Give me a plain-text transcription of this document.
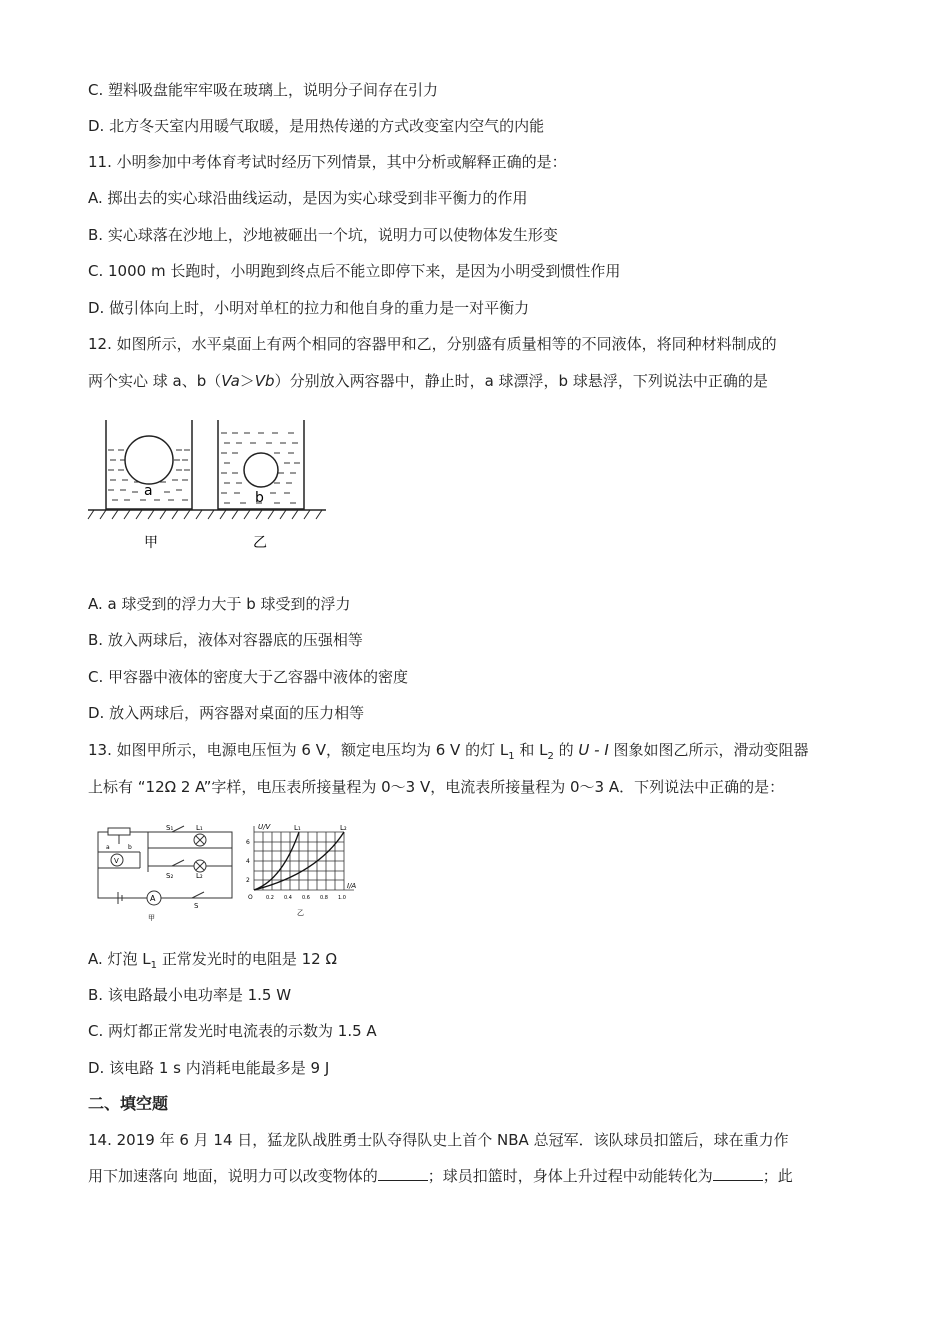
C. 塑料吸盘能牢牢吸在玻璃上，说明分子间存在引力
D. 北方冬天室内用暖气取暖，是用热传递的方式改变室内空气的内能
11. 小明参加中考体育考试时经历下列情景，其中分析或解释正确的是：
A. 掷出去的实心球沿曲线运动，是因为实心球受到非平衡力的作用
B. 实心球落在沙地上，沙地被砸出一个坑，说明力可以使物体发生形变
C. 1000 m 长跑时，小明跑到终点后不能立即停下来，是因为小明受到惯性作用
D. 做引体向上时，小明对单杠的拉力和他自身的重力是一对平衡力
12. 如图所示，水平桌面上有两个相同的容器甲和乙，分别盛有质量相等的不同液体，将同种材料制成的
两个实心 球 a、b（Va＞Vb）分别放入两容器中，静止时，a 球漂浮，b 球悬浮，下列说法中正确的是
a	b
甲	乙
A. a 球受到的浮力大于 b 球受到的浮力
B. 放入两球后，液体对容器底的压强相等
C. 甲容器中液体的密度大于乙容器中液体的密度
D. 放入两球后，两容器对桌面的压力相等
13. 如图甲所示，电源电压恒为 6 V，额定电压均为 6 V 的灯 $L_1$ 和 $L_2$ 的 U - I 图象如图乙所示，滑动变阻器
上标有 “12Ω 2 A”字样，电压表所接量程为 0～3 V，电流表所接量程为 0～3 A．下列说法中正确的是：
S₁	L₁
S₂	L₂
S
a	b
V
A
甲
U/V
I/A
O
6
4
2
0.2 0.4 0.6 0.8 1.0
L₁	L₂
乙
A. 灯泡 $L_1$ 正常发光时的电阻是 12 Ω
B. 该电路最小电功率是 1.5 W
C. 两灯都正常发光时电流表的示数为 1.5 A
D. 该电路 1 s 内消耗电能最多是 9 J
二、填空题
14. 2019 年 6 月 14 日，猛龙队战胜勇士队夺得队史上首个 NBA 总冠军．该队球员扣篮后，球在重力作
用下加速落向 地面，说明力可以改变物体的	；球员扣篮时，身体上升过程中动能转化为	；此
